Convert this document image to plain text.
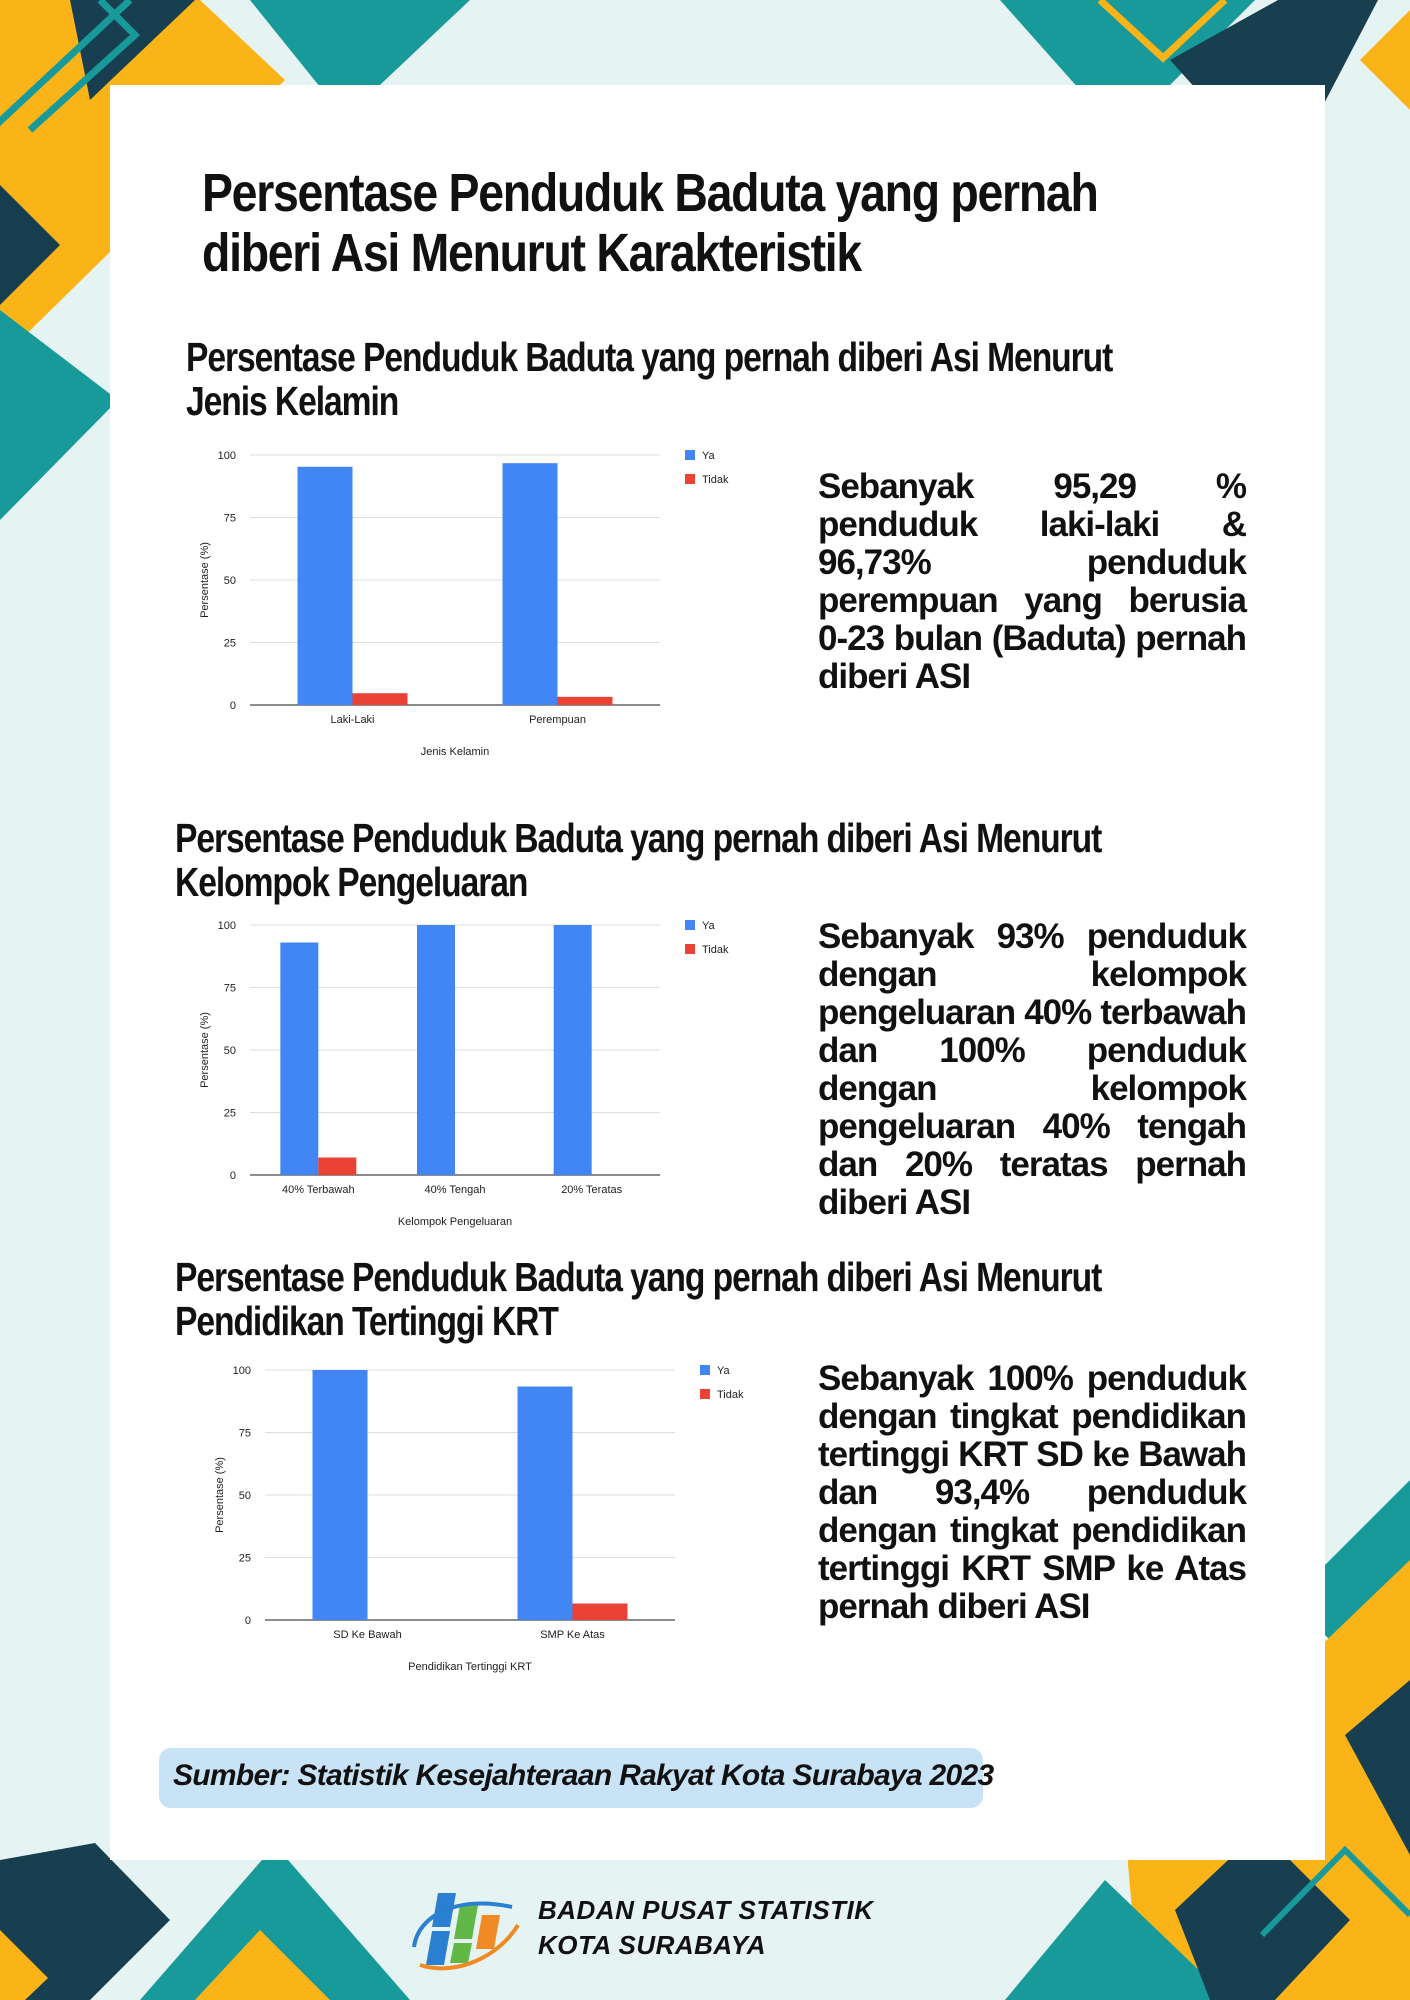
Persentase Penduduk Baduta yang pernah diberi Asi Menurut Karakteristik
Persentase Penduduk Baduta yang pernah diberi Asi Menurut Jenis Kelamin
0
25
50
75
100
Laki-Laki	Perempuan
Jenis Kelamin
Persentase (%)
Ya
Tidak	Sebanyak 95,29 % penduduk laki-laki & 96,73% penduduk perempuan yang berusia 0-23 bulan (Baduta) pernah diberi ASI

Persentase Penduduk Baduta yang pernah diberi Asi Menurut Kelompok Pengeluaran
0
25
50
75
100
40% Terbawah	40% Tengah	20% Teratas
Kelompok Pengeluaran
Persentase (%)
Ya
Tidak	Sebanyak 93% penduduk dengan kelompok pengeluaran 40% terbawah dan 100% penduduk dengan kelompok pengeluaran 40% tengah dan 20% teratas pernah diberi ASI

Persentase Penduduk Baduta yang pernah diberi Asi Menurut Pendidikan Tertinggi KRT
0
25
50
75
100
SD Ke Bawah	SMP Ke Atas
Pendidikan Tertinggi KRT
Persentase (%)
Ya
Tidak Sebanyak 100% penduduk dengan tingkat pendidikan tertinggi KRT SD ke Bawah dan 93,4% penduduk dengan tingkat pendidikan tertinggi KRT SMP ke Atas pernah diberi ASI

Sumber: Statistik Kesejahteraan Rakyat Kota Surabaya 2023
BADAN PUSAT STATISTIK
KOTA SURABAYA
